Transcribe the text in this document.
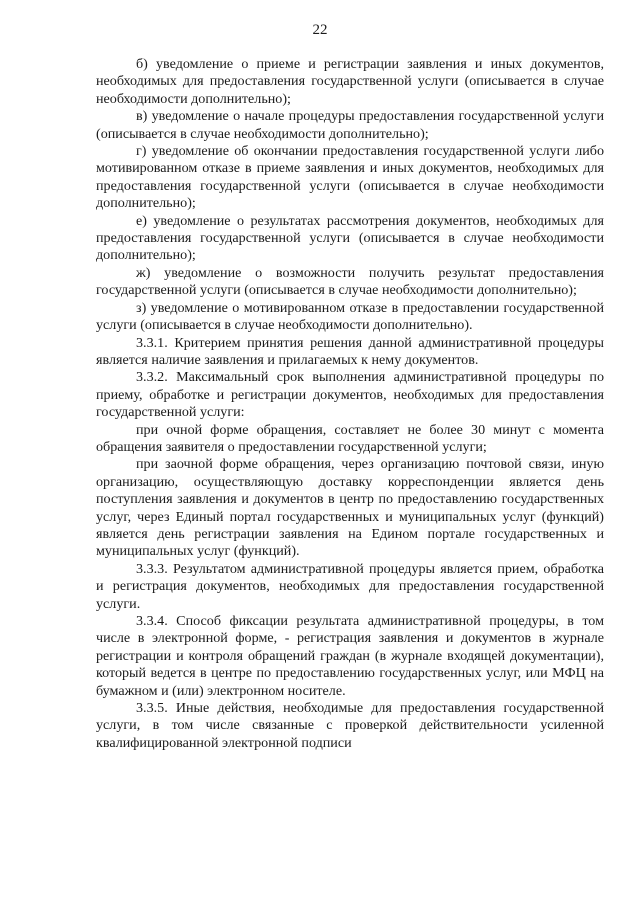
22

б) уведомление о приеме и регистрации заявления и иных документов, необходимых для предоставления государственной услуги (описывается в случае необходимости дополнительно);

в) уведомление о начале процедуры предоставления государственной услуги (описывается в случае необходимости дополнительно);

г) уведомление об окончании предоставления государственной услуги либо мотивированном отказе в приеме заявления и иных документов, необходимых для предоставления государственной услуги (описывается в случае необходимости дополнительно);

е) уведомление о результатах рассмотрения документов, необходимых для предоставления государственной услуги (описывается в случае необходимости дополнительно);

ж) уведомление о возможности получить результат предоставления государственной услуги (описывается в случае необходимости дополнительно);

з) уведомление о мотивированном отказе в предоставлении государственной услуги (описывается в случае необходимости дополнительно).

3.3.1. Критерием принятия решения данной административной процедуры является наличие заявления и прилагаемых к нему документов.

3.3.2. Максимальный срок выполнения административной процедуры по приему, обработке и регистрации документов, необходимых для предоставления государственной услуги:

при очной форме обращения, составляет не более 30 минут с момента обращения заявителя о предоставлении государственной услуги;

при заочной форме обращения, через организацию почтовой связи, иную организацию, осуществляющую доставку корреспонденции является день поступления заявления и документов в центр по предоставлению государственных услуг, через Единый портал государственных и муниципальных услуг (функций) является день регистрации заявления на Едином портале государственных и муниципальных услуг (функций).

3.3.3. Результатом административной процедуры является прием, обработка и регистрация документов, необходимых для предоставления государственной услуги.

3.3.4. Способ фиксации результата административной процедуры, в том числе в электронной форме, - регистрация заявления и документов в журнале регистрации и контроля обращений граждан (в журнале входящей документации), который ведется в центре по предоставлению государственных услуг, или МФЦ на бумажном и (или) электронном носителе.

3.3.5. Иные действия, необходимые для предоставления государственной услуги, в том числе связанные с проверкой действительности усиленной квалифицированной электронной подписи
